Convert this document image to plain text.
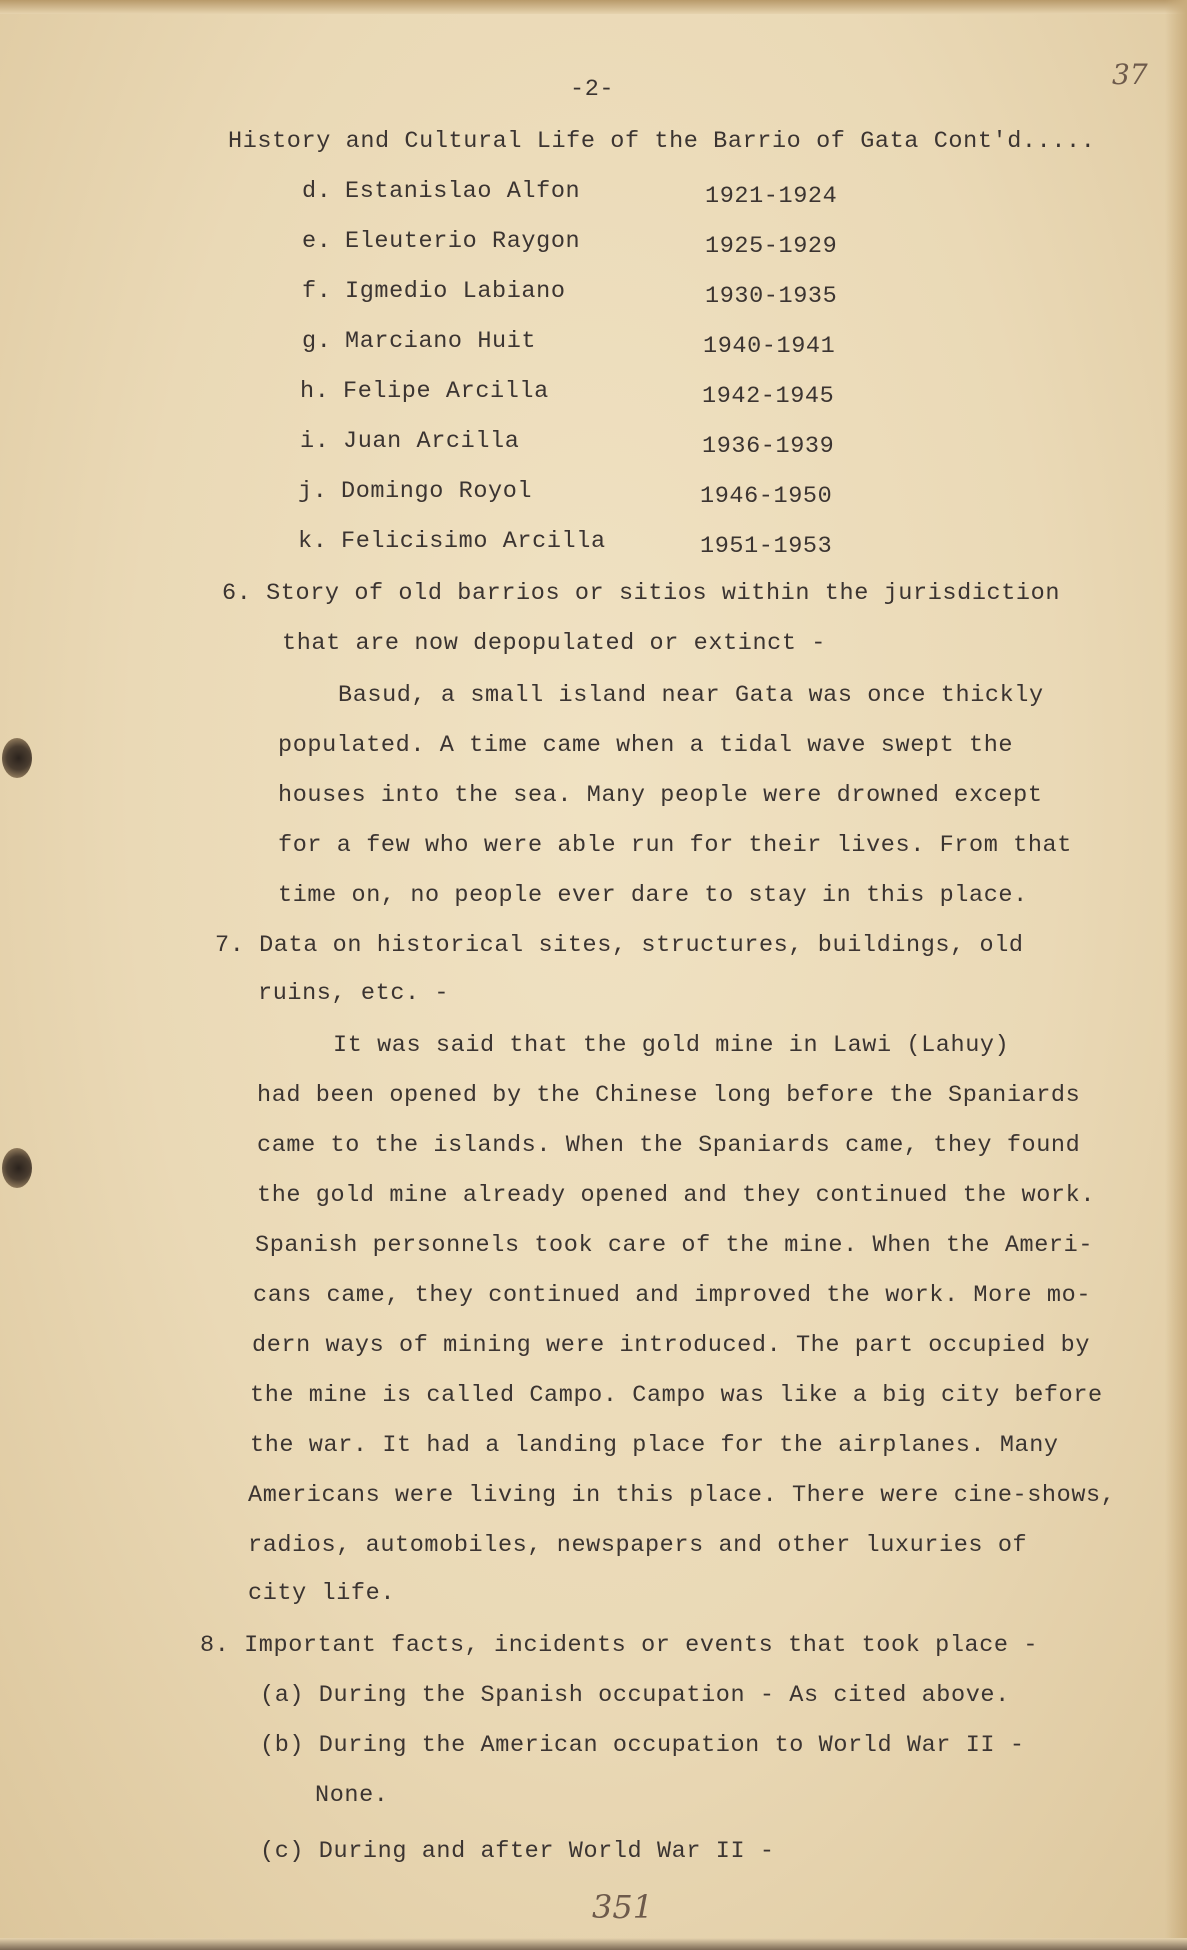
37
-2-
History and Cultural Life of the Barrio of Gata Cont'd.....
d. Estanislao Alfon	1921-1924
e. Eleuterio Raygon	1925-1929
f. Igmedio Labiano	1930-1935
g. Marciano Huit	1940-1941
h. Felipe Arcilla	1942-1945
i. Juan Arcilla	1936-1939
j. Domingo Royol	1946-1950
k. Felicisimo Arcilla	1951-1953
6. Story of old barrios or sitios within the jurisdiction
that are now depopulated or extinct -
Basud, a small island near Gata was once thickly
populated. A time came when a tidal wave swept the
houses into the sea. Many people were drowned except
for a few who were able run for their lives. From that
time on, no people ever dare to stay in this place.
7. Data on historical sites, structures, buildings, old
ruins, etc. -
It was said that the gold mine in Lawi (Lahuy)
had been opened by the Chinese long before the Spaniards
came to the islands. When the Spaniards came, they found
the gold mine already opened and they continued the work.
Spanish personnels took care of the mine. When the Ameri-
cans came, they continued and improved the work. More mo-
dern ways of mining were introduced. The part occupied by
the mine is called Campo. Campo was like a big city before
the war. It had a landing place for the airplanes. Many
Americans were living in this place. There were cine-shows,
radios, automobiles, newspapers and other luxuries of
city life.
8. Important facts, incidents or events that took place -
(a) During the Spanish occupation - As cited above.
(b) During the American occupation to World War II -
None.
(c) During and after World War II -
351
